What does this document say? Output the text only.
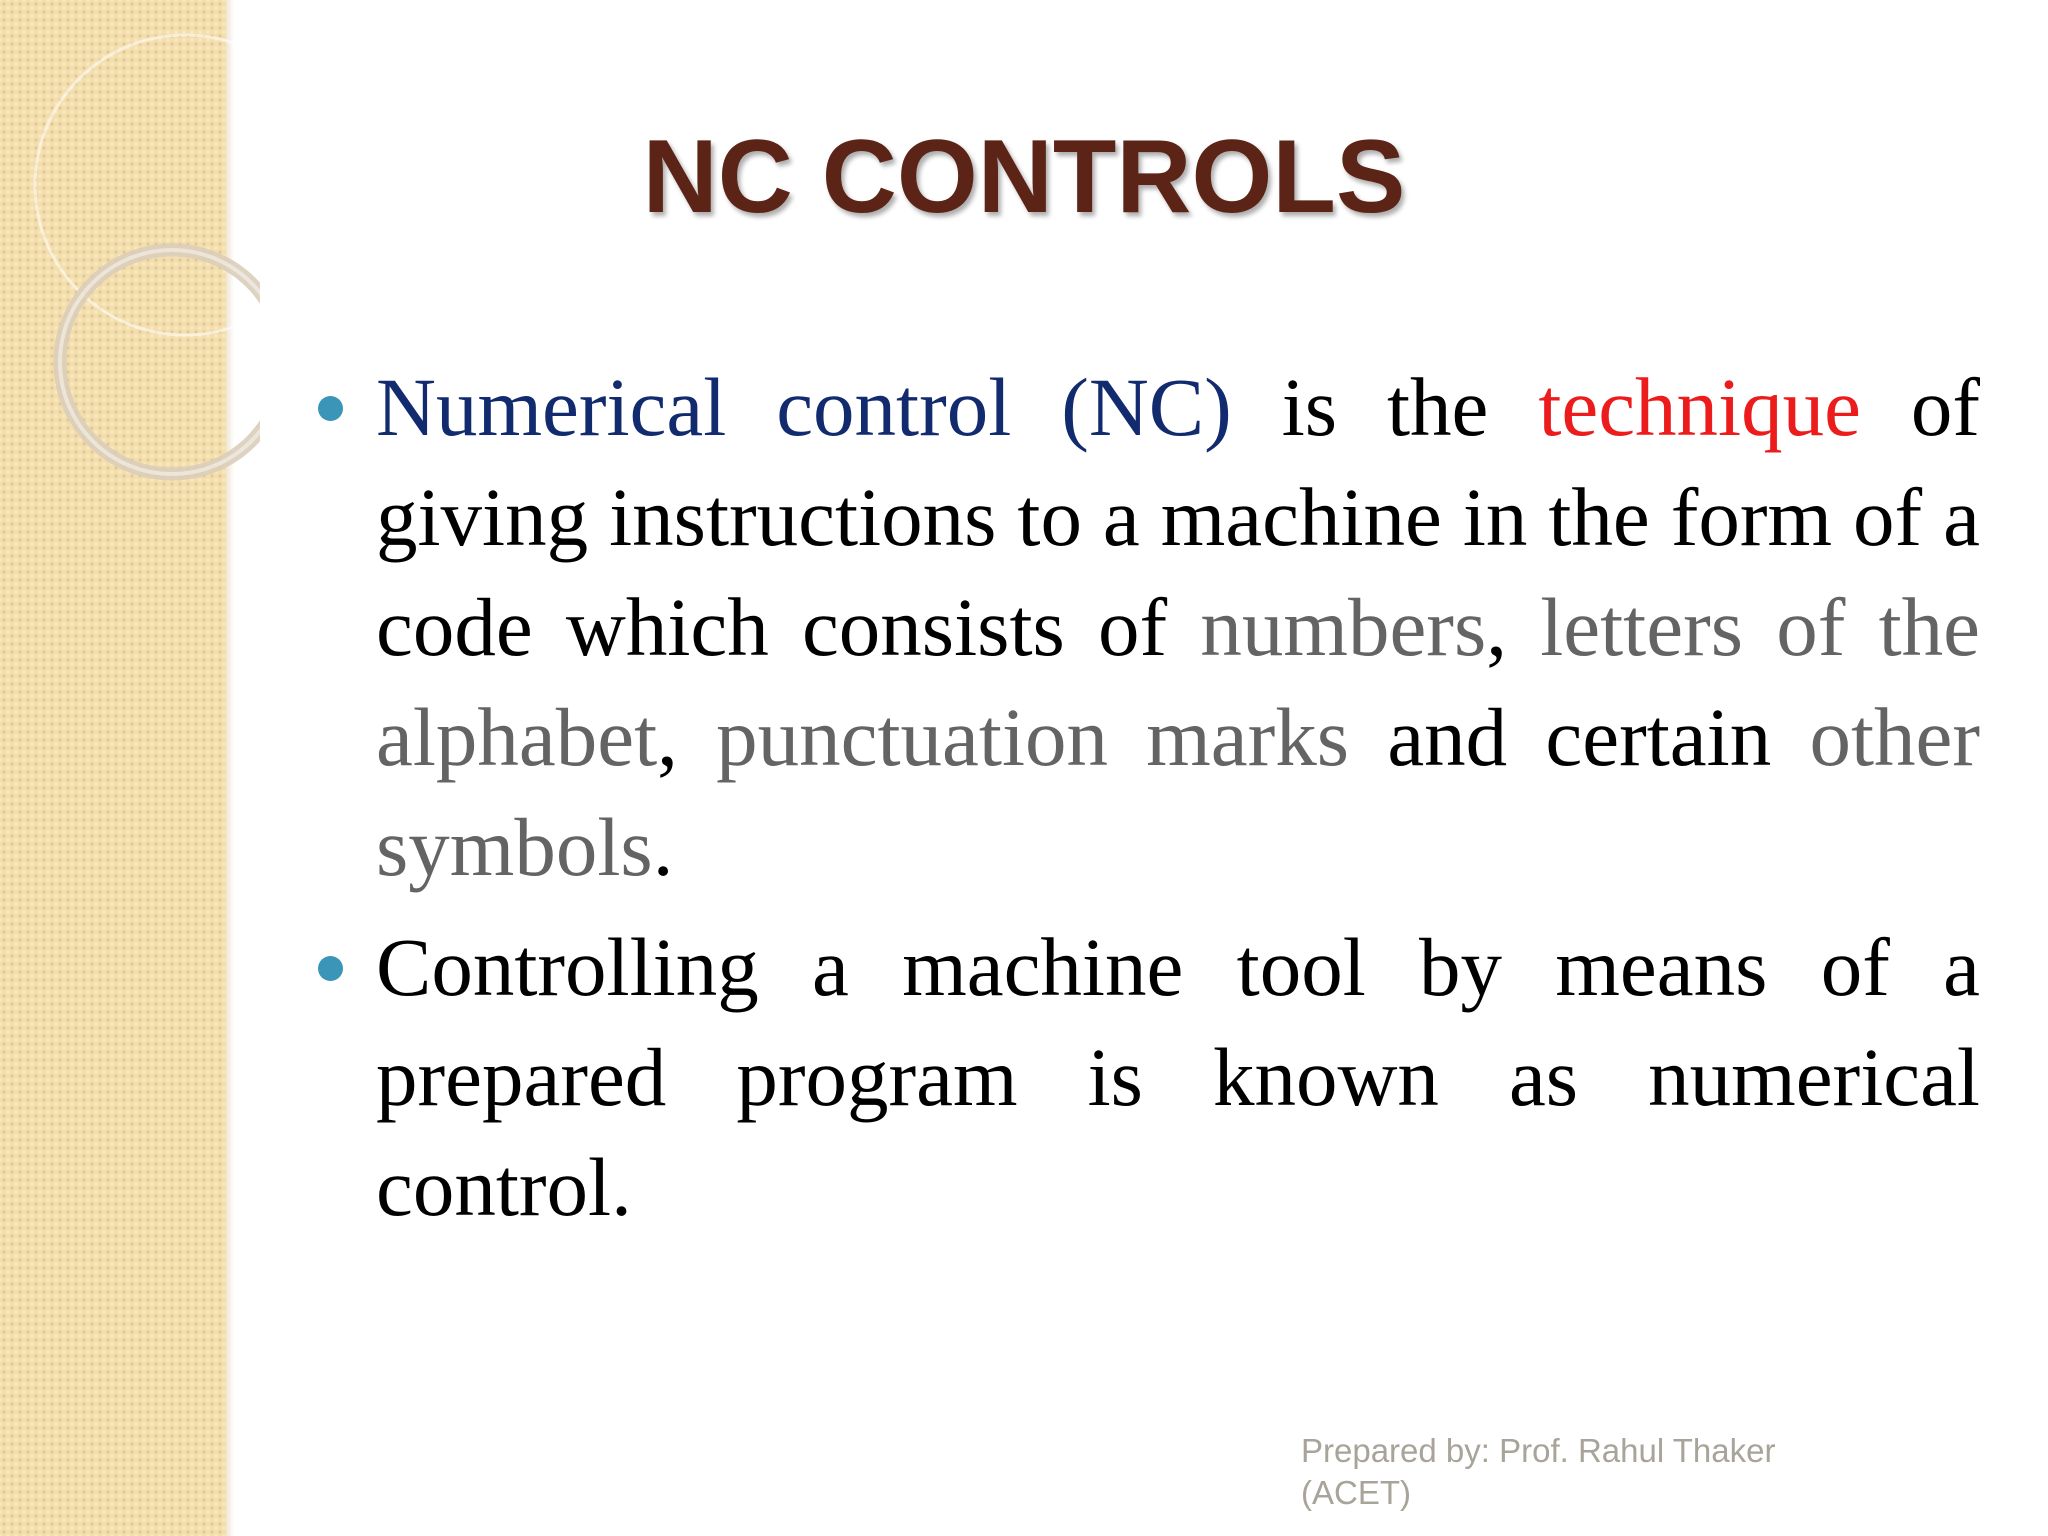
NC CONTROLS
Numerical control (NC) is the technique of giving instructions to a machine in the form of a code which consists of numbers, letters of the alphabet, punctuation marks and certain other symbols.
Controlling a machine tool by means of a prepared program is known as numerical control.

Prepared by: Prof. Rahul Thaker
(ACET)
